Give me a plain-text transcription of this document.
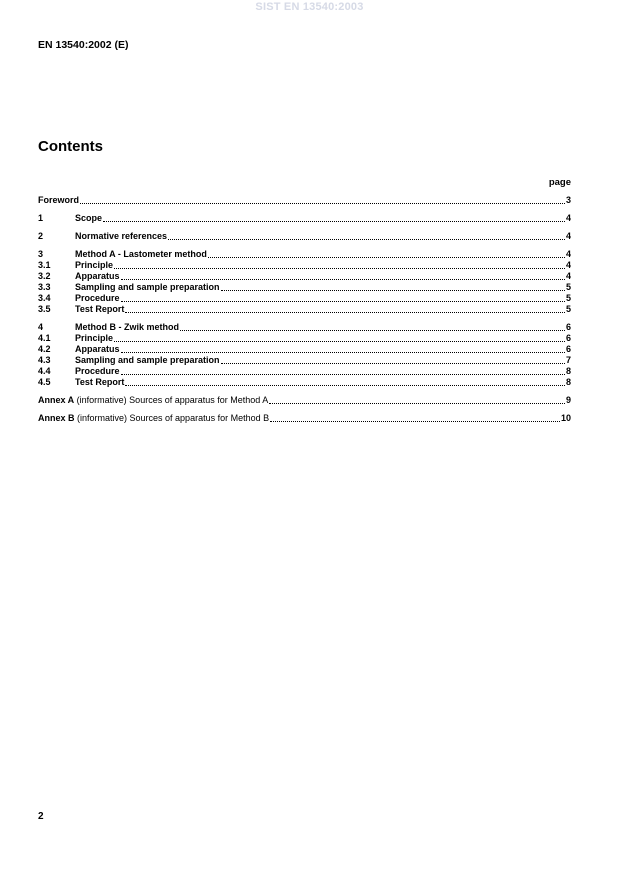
SIST EN 13540:2003
EN 13540:2002 (E)
Contents
page
Foreword	3
1	Scope	4
2	Normative references	4
3	Method A - Lastometer method	4
3.1	Principle	4
3.2	Apparatus	4
3.3	Sampling and sample preparation	5
3.4	Procedure	5
3.5	Test Report	5
4	Method B - Zwik method	6
4.1	Principle	6
4.2	Apparatus	6
4.3	Sampling and sample preparation	7
4.4	Procedure	8
4.5	Test Report	8
Annex A (informative) Sources of apparatus for Method A	9
Annex B (informative) Sources of apparatus for Method B	10
2
